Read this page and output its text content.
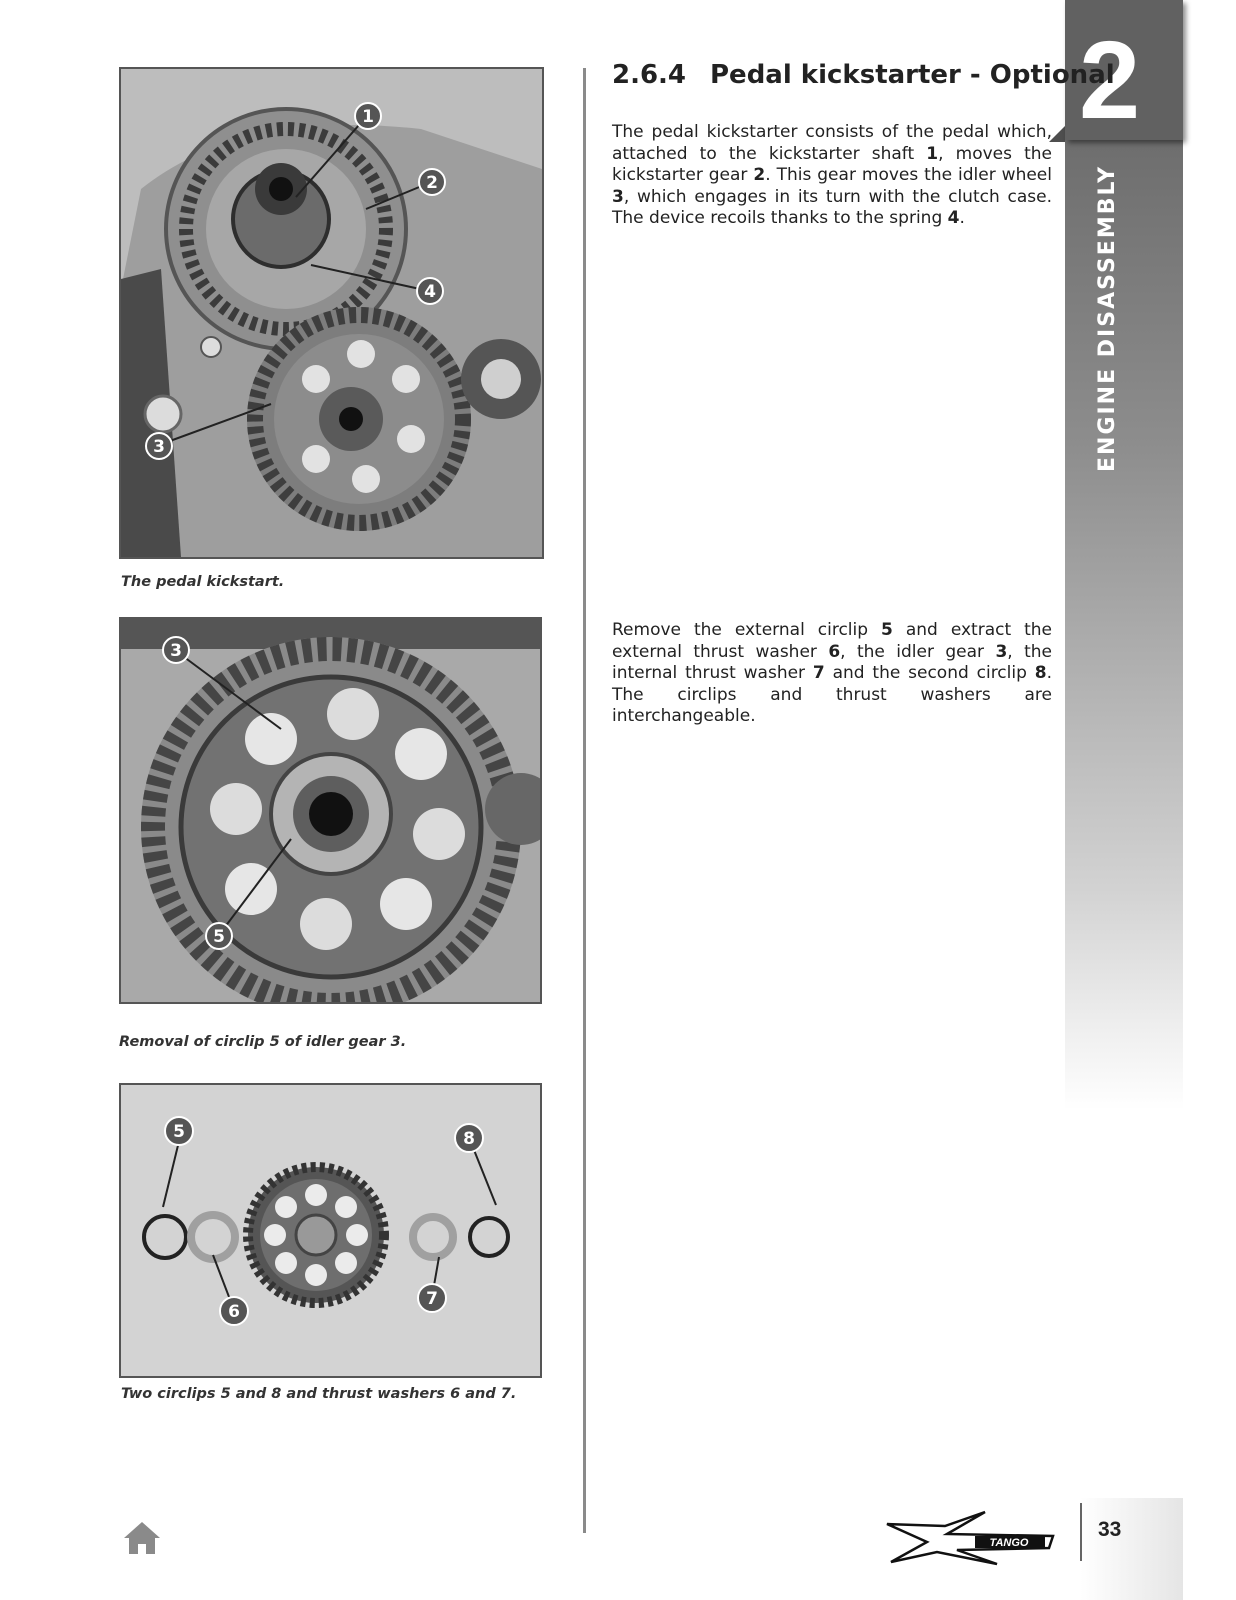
2
ENGINE DISASSEMBLY
1
2
4
3
The pedal kickstart.
3
5
Removal of circlip 5 of idler gear 3.
5	8
6
7
Two circlips 5 and 8 and thrust washers 6 and 7.
2.6.4 Pedal kickstarter - Optional

The pedal kickstarter consists of the pedal which, attached to the kickstarter shaft 1, moves the kickstarter gear 2. This gear moves the idler wheel 3, which engages in its turn with the clutch case. The device recoils thanks to the spring 4.

Remove the external circlip 5 and extract the external thrust washer 6, the idler gear 3, the internal thrust washer 7 and the second circlip 8. The circlips and thrust washers are interchangeable.

TANGO
33
